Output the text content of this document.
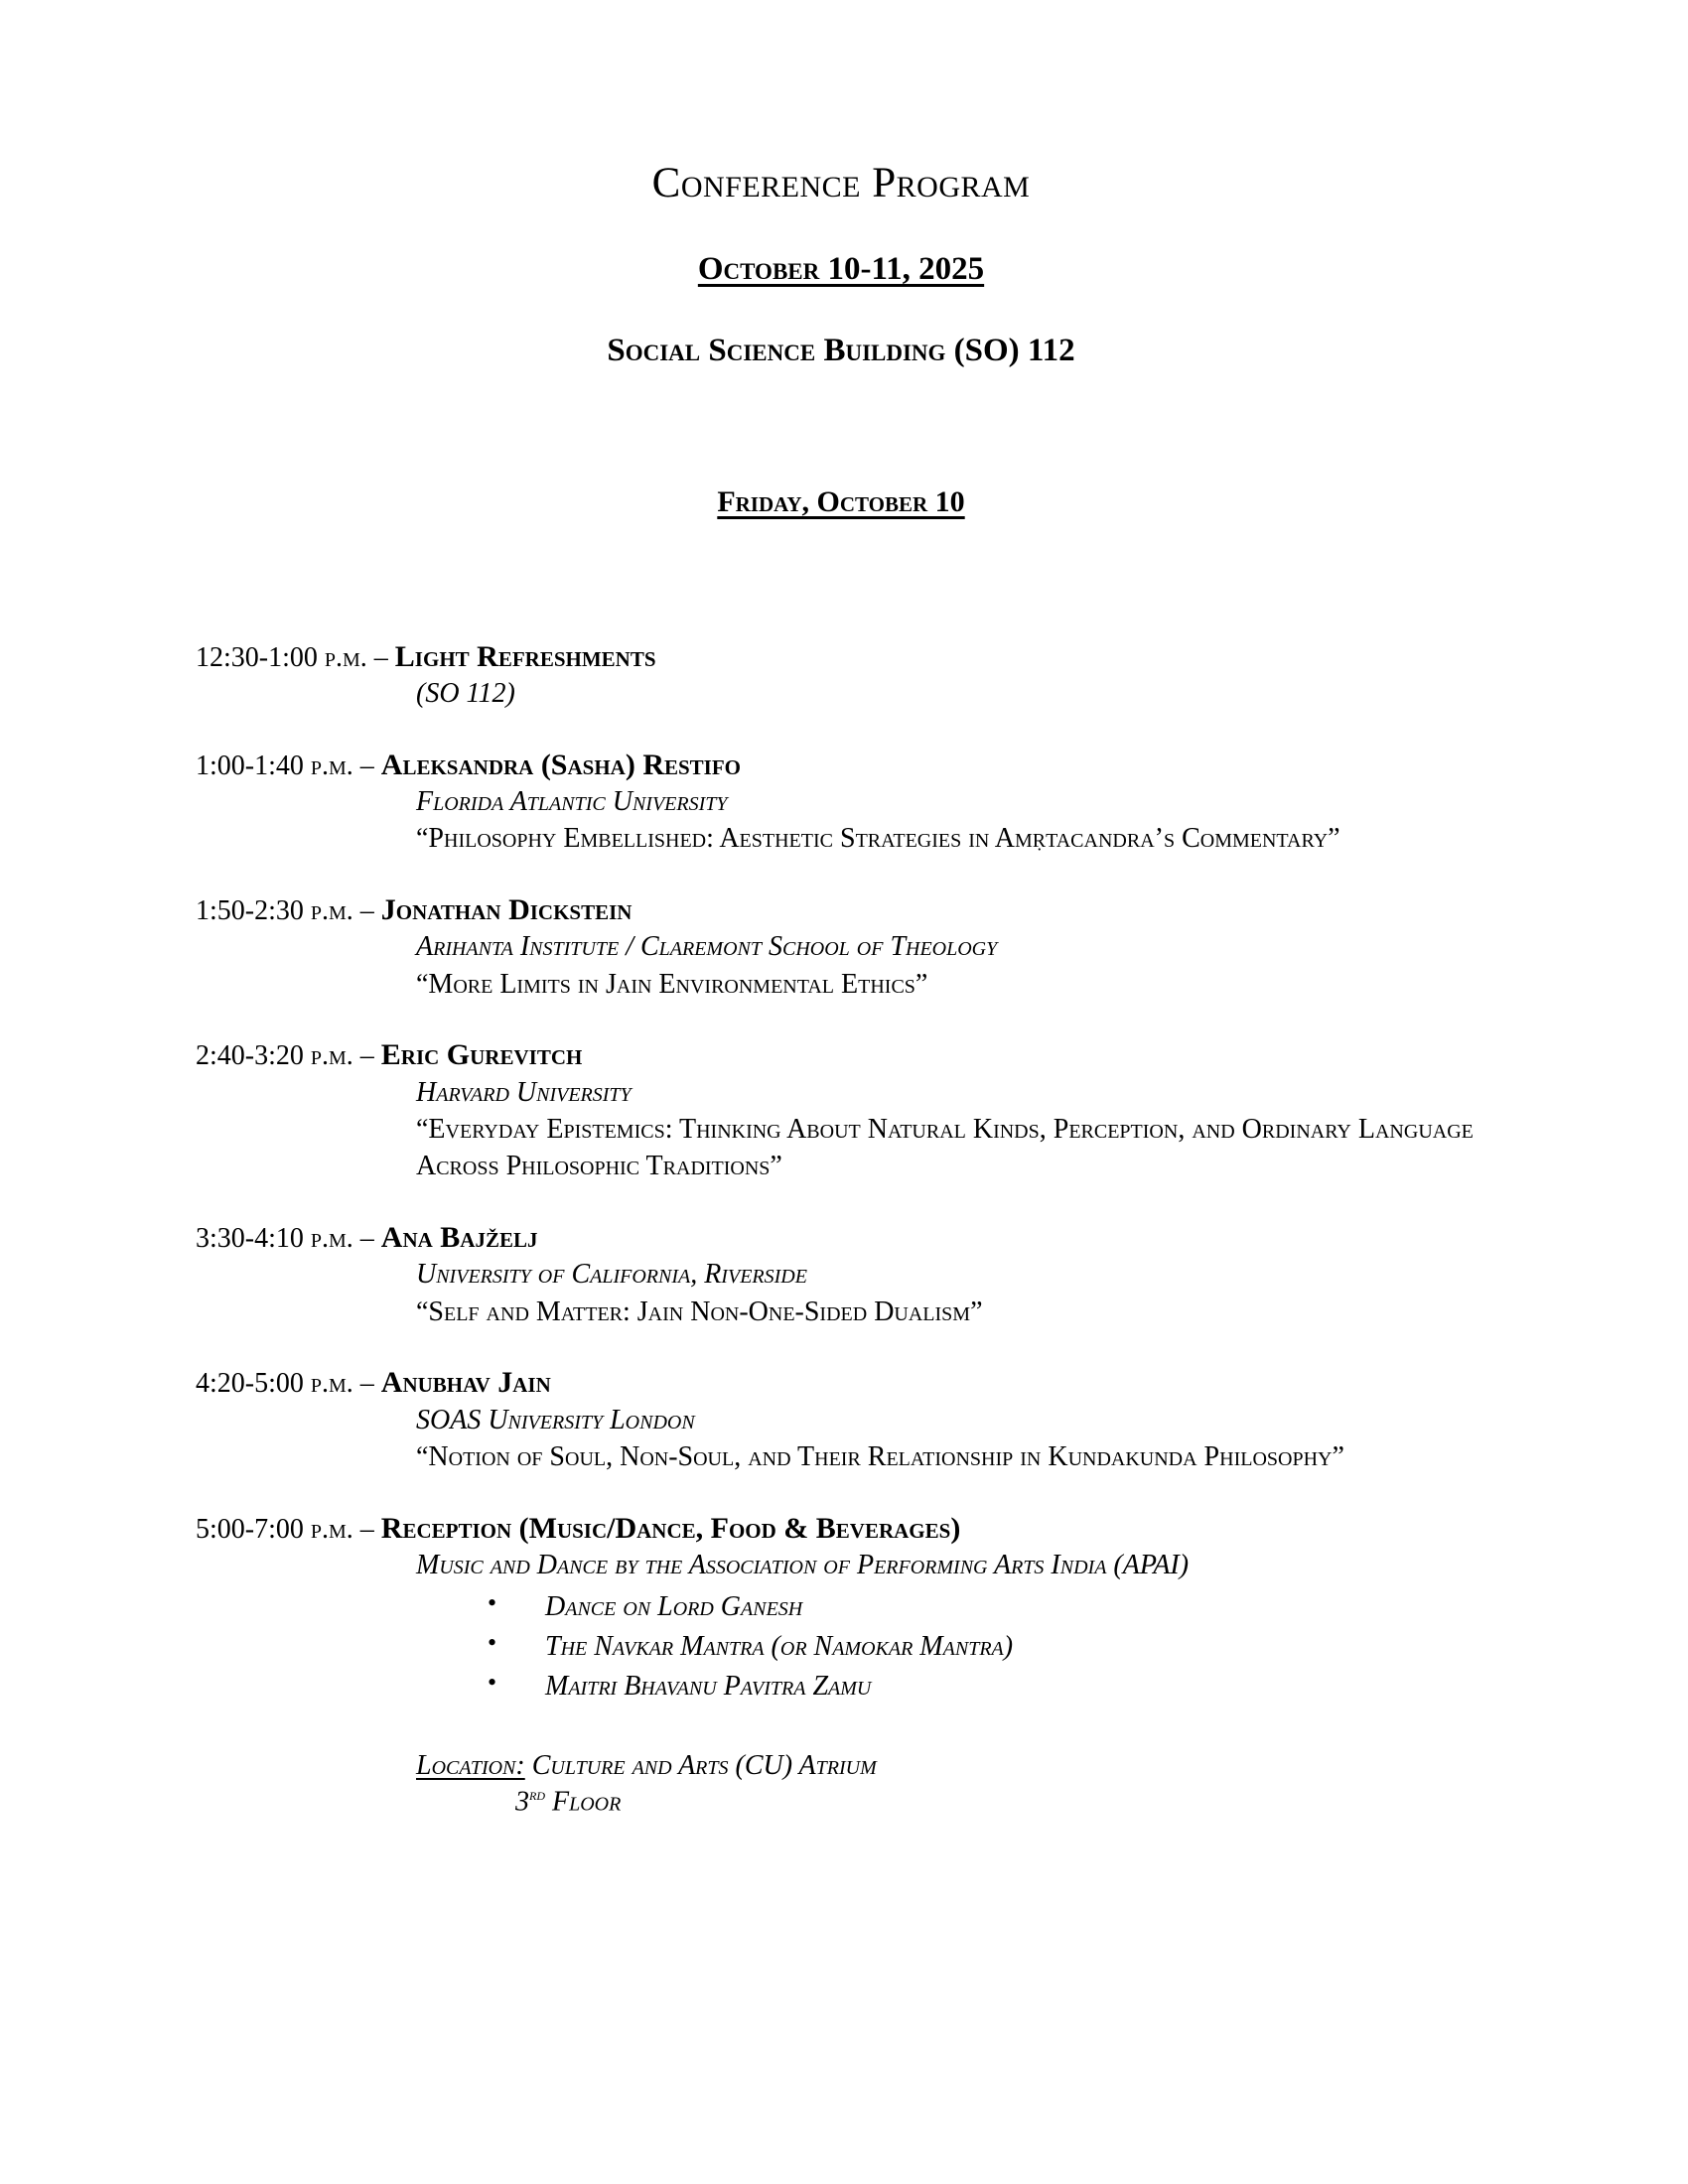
Conference Program
October 10-11, 2025
Social Science Building (SO) 112
Friday, October 10

12:30-1:00 p.m. – Light Refreshments

(SO 112)

1:00-1:40 p.m. – Aleksandra (Sasha) Restifo

Florida Atlantic University

“Philosophy Embellished: Aesthetic Strategies in Amṛtacandra’s Commentary”

1:50-2:30 p.m. – Jonathan Dickstein

Arihanta Institute / Claremont School of Theology

“More Limits in Jain Environmental Ethics”

2:40-3:20 p.m. – Eric Gurevitch

Harvard University

“Everyday Epistemics: Thinking About Natural Kinds, Perception, and Ordinary Language Across Philosophic Traditions”

3:30-4:10 p.m. – Ana Bajželj

University of California, Riverside

“Self and Matter: Jain Non-One-Sided Dualism”

4:20-5:00 p.m. – Anubhav Jain

SOAS University London

“Notion of Soul, Non-Soul, and Their Relationship in Kundakunda Philosophy”

5:00-7:00 p.m. – Reception (Music/Dance, Food & Beverages)

Music and Dance by the Association of Performing Arts India (APAI)

• Dance on Lord Ganesh
• The Navkar Mantra (or Namokar Mantra)
• Maitri Bhavanu Pavitra Zamu

Location: Culture and Arts (CU) Atrium

3rd Floor
